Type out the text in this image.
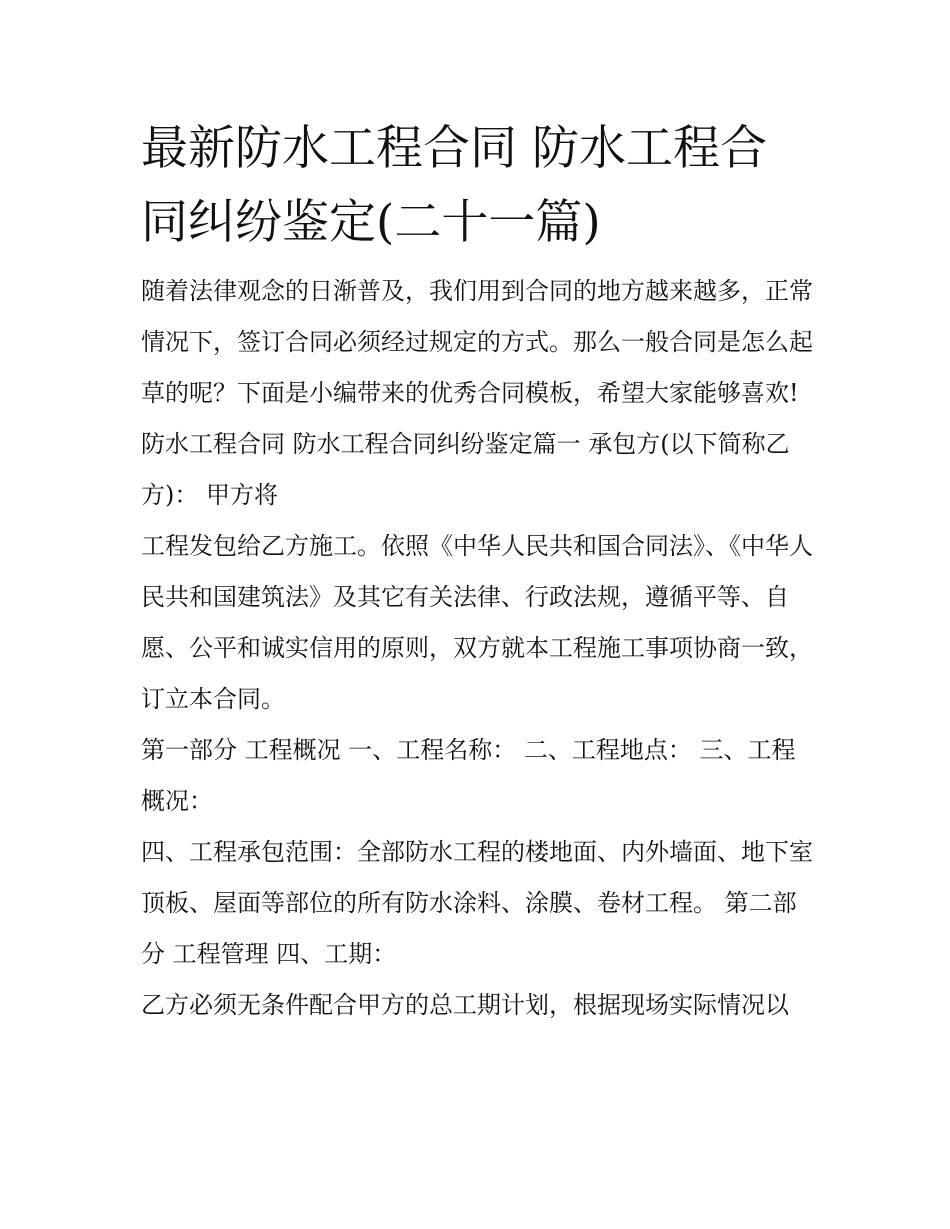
最新防水工程合同 防水工程合同纠纷鉴定(二十一篇)

随着法律观念的日渐普及，我们用到合同的地方越来越多，正常情况下，签订合同必须经过规定的方式。那么一般合同是怎么起草的呢？下面是小编带来的优秀合同模板，希望大家能够喜欢!

防水工程合同 防水工程合同纠纷鉴定篇一 承包方(以下简称乙方)： 甲方将

工程发包给乙方施工。依照《中华人民共和国合同法》、《中华人民共和国建筑法》及其它有关法律、行政法规，遵循平等、自愿、公平和诚实信用的原则，双方就本工程施工事项协商一致，订立本合同。

第一部分 工程概况 一、工程名称： 二、工程地点： 三、工程概况：

四、工程承包范围：全部防水工程的楼地面、内外墙面、地下室顶板、屋面等部位的所有防水涂料、涂膜、卷材工程。 第二部分 工程管理 四、工期：

乙方必须无条件配合甲方的总工期计划，根据现场实际情况以
